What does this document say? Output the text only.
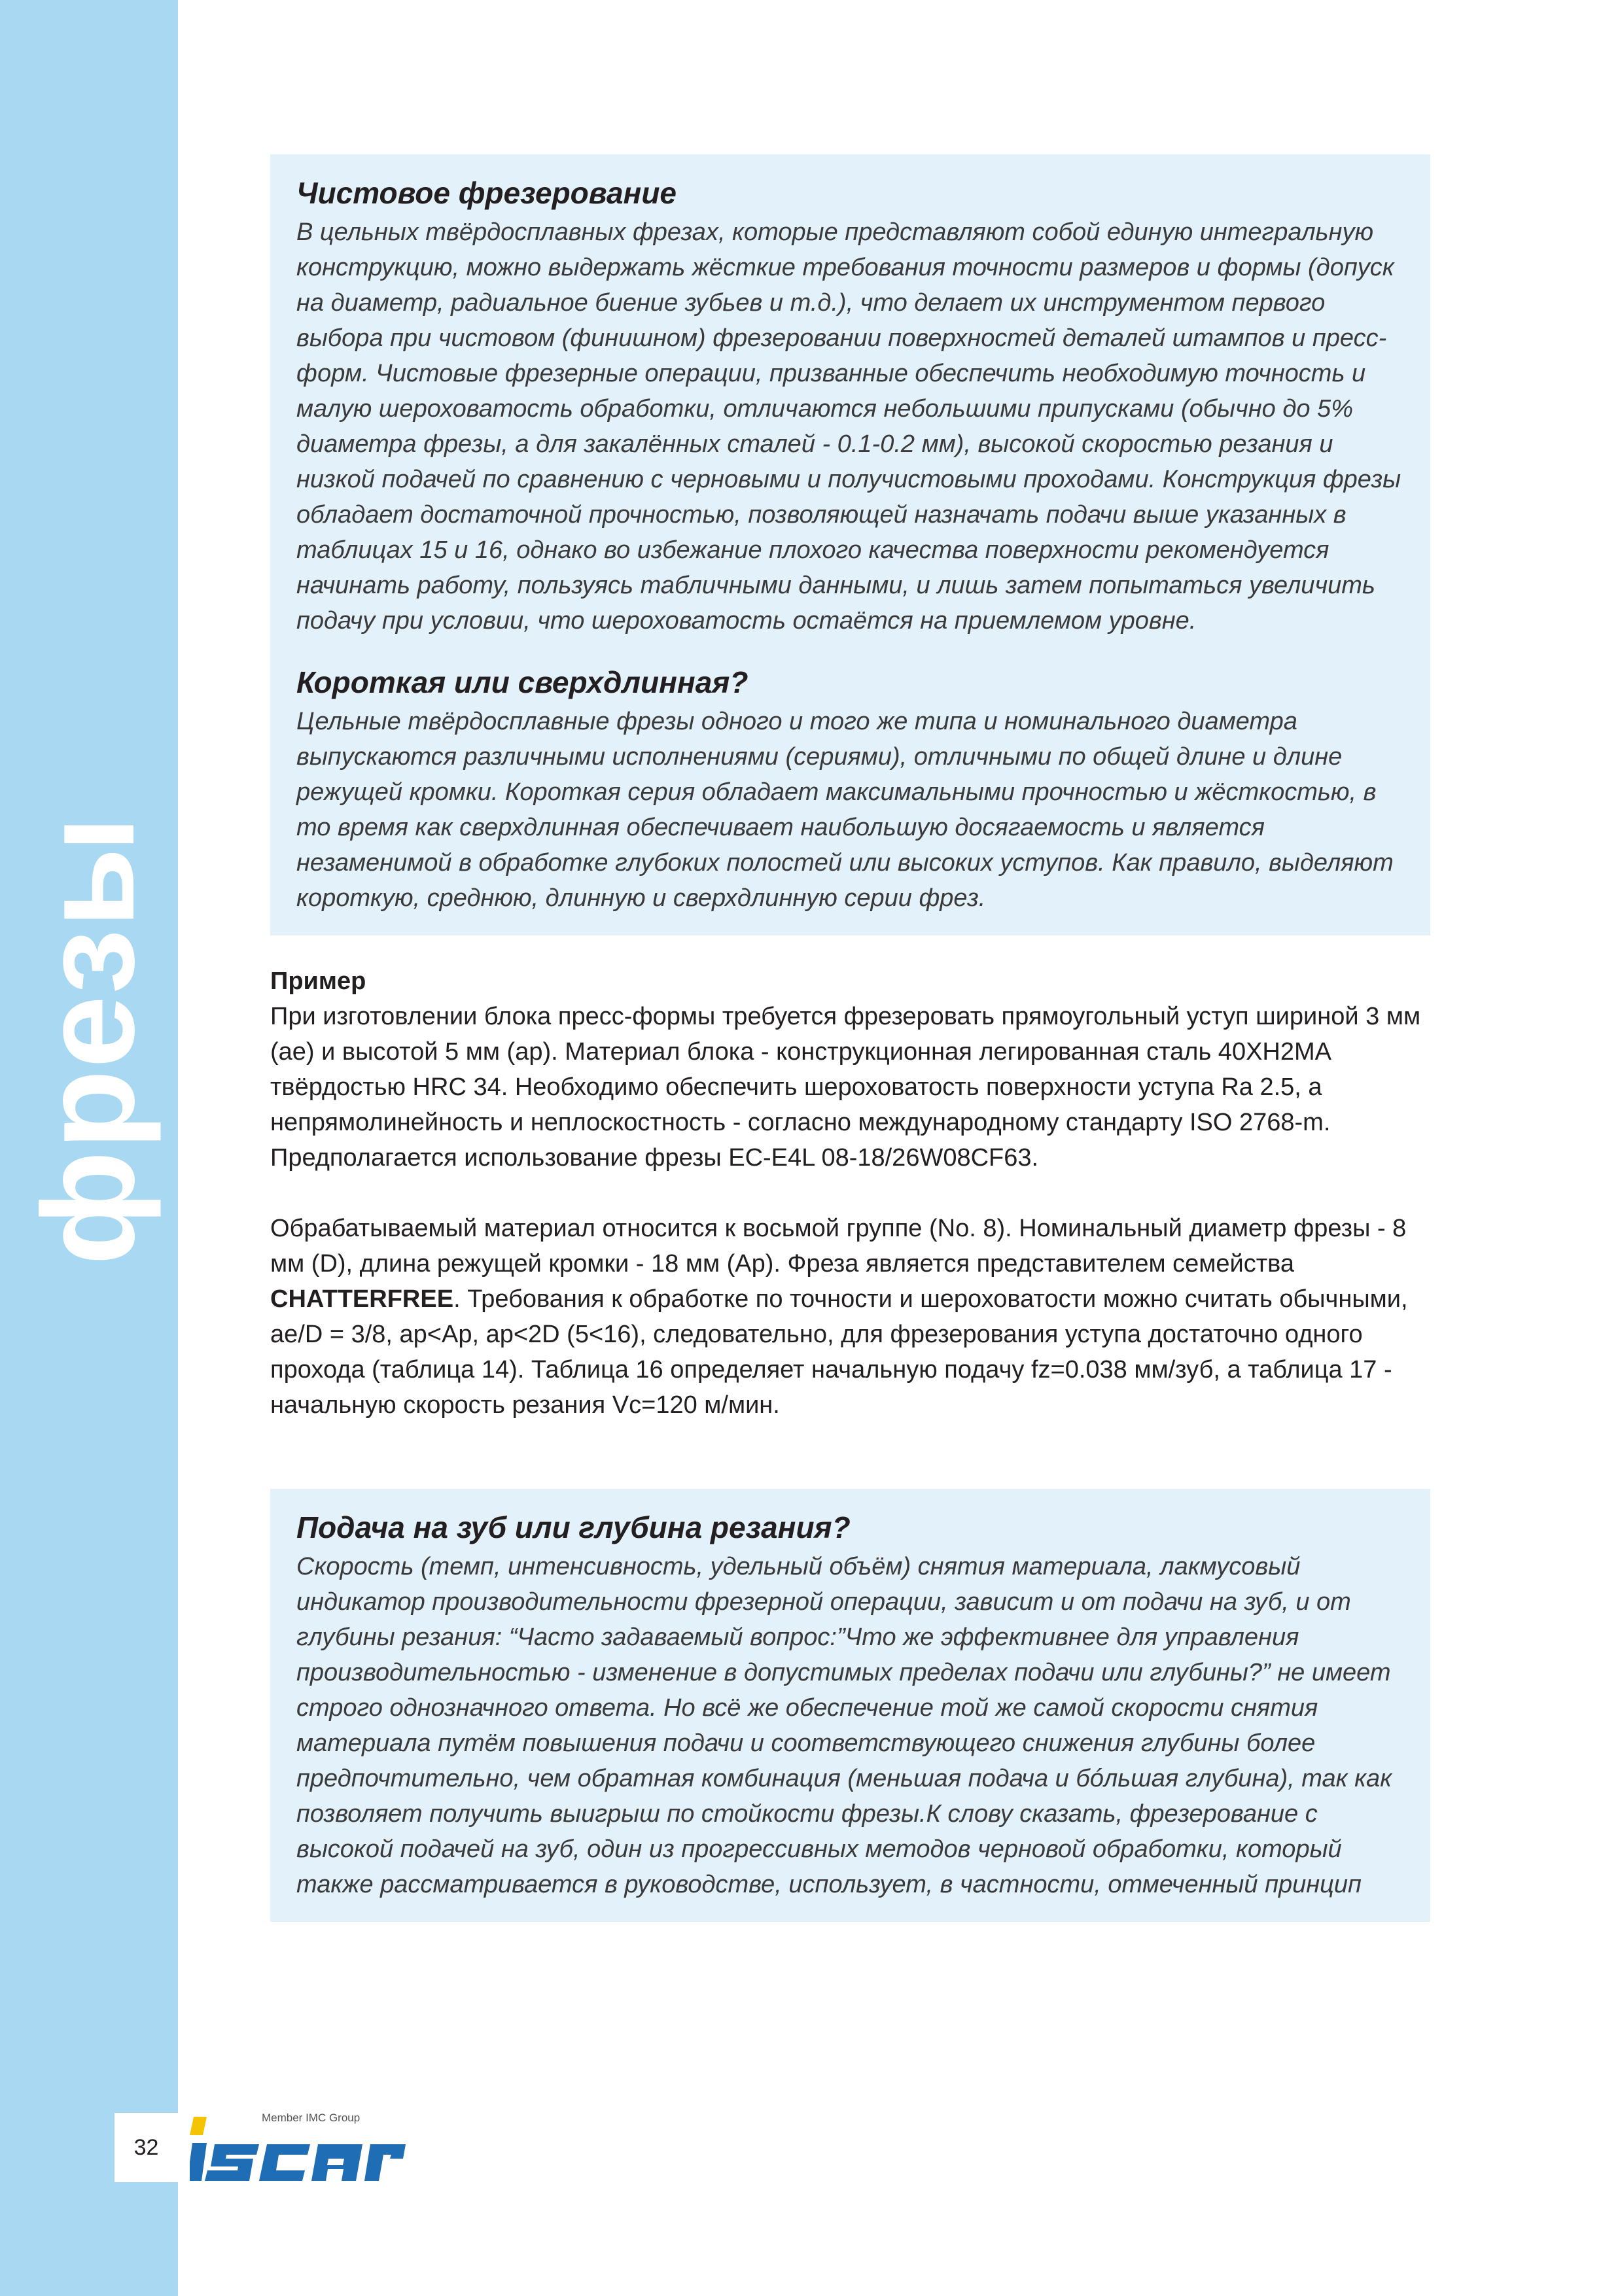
фрезы
Чистовое фрезерование

В цельных твёрдосплавных фрезах, которые представляют собой единую интегральную конструкцию, можно выдержать жёсткие требования точности размеров и формы (допуск на диаметр, радиальное биение зубьев и т.д.), что делает их инструментом первого выбора при чистовом (финишном) фрезеровании поверхностей деталей штампов и пресс-форм. Чистовые фрезерные операции, призванные обеспечить необходимую точность и малую шероховатость обработки, отличаются небольшими припусками (обычно до 5% диаметра фрезы, а для закалённых сталей - 0.1-0.2 мм), высокой скоростью резания и низкой подачей по сравнению с черновыми и получистовыми проходами. Конструкция фрезы обладает достаточной прочностью, позволяющей назначать подачи выше указанных в таблицах 15 и 16, однако во избежание плохого качества поверхности рекомендуется начинать работу, пользуясь табличными данными, и лишь затем попытаться увеличить подачу при условии, что шероховатость остаётся на приемлемом уровне.

Короткая или сверхдлинная?

Цельные твёрдосплавные фрезы одного и того же типа и номинального диаметра выпускаются различными исполнениями (сериями), отличными по общей длине и длине режущей кромки. Короткая серия обладает максимальными прочностью и жёсткостью, в то время как сверхдлинная обеспечивает наибольшую досягаемость и является незаменимой в обработке глубоких полостей или высоких уступов. Как правило, выделяют короткую, среднюю, длинную и сверхдлинную серии фрез.

Пример

При изготовлении блока пресс-формы требуется фрезеровать прямоугольный уступ шириной 3 мм (ae) и высотой 5 мм (ap). Материал блока - конструкционная легированная сталь 40ХН2МА твёрдостью HRC 34. Необходимо обеспечить шероховатость поверхности уступа Ra 2.5, а непрямолинейность и неплоскостность - согласно международному стандарту ISO 2768-m. Предполагается использование фрезы EC-E4L 08-18/26W08CF63.

Обрабатываемый материал относится к восьмой группе (No. 8). Номинальный диаметр фрезы - 8 мм (D), длина режущей кромки - 18 мм (Ap). Фреза является представителем семейства CHATTERFREE. Требования к обработке по точности и шероховатости можно считать обычными, ae/D = 3/8, ap<Ap, ap<2D (5<16), следовательно, для фрезерования уступа достаточно одного прохода (таблица 14). Таблица 16 определяет начальную подачу fz=0.038 мм/зуб, а таблица 17 - начальную скорость резания Vc=120 м/мин.

Подача на зуб или глубина резания?

Скорость (темп, интенсивность, удельный объём) снятия материала, лакмусовый индикатор производительности фрезерной операции, зависит и от подачи на зуб, и от глубины резания: “Часто задаваемый вопрос:”Что же эффективнее для управления производительностью - изменение в допустимых пределах подачи или глубины?” не имеет строго однозначного ответа. Но всё же обеспечение той же самой скорости снятия материала путём повышения подачи и соответствующего снижения глубины более предпочтительно, чем обратная комбинация (меньшая подача и бóльшая глубина), так как позволяет получить выигрыш по стойкости фрезы.К слову сказать, фрезерование с высокой подачей на зуб, один из прогрессивных методов черновой обработки, который также рассматривается в руководстве, использует, в частности, отмеченный принцип

32
Member IMC Group
